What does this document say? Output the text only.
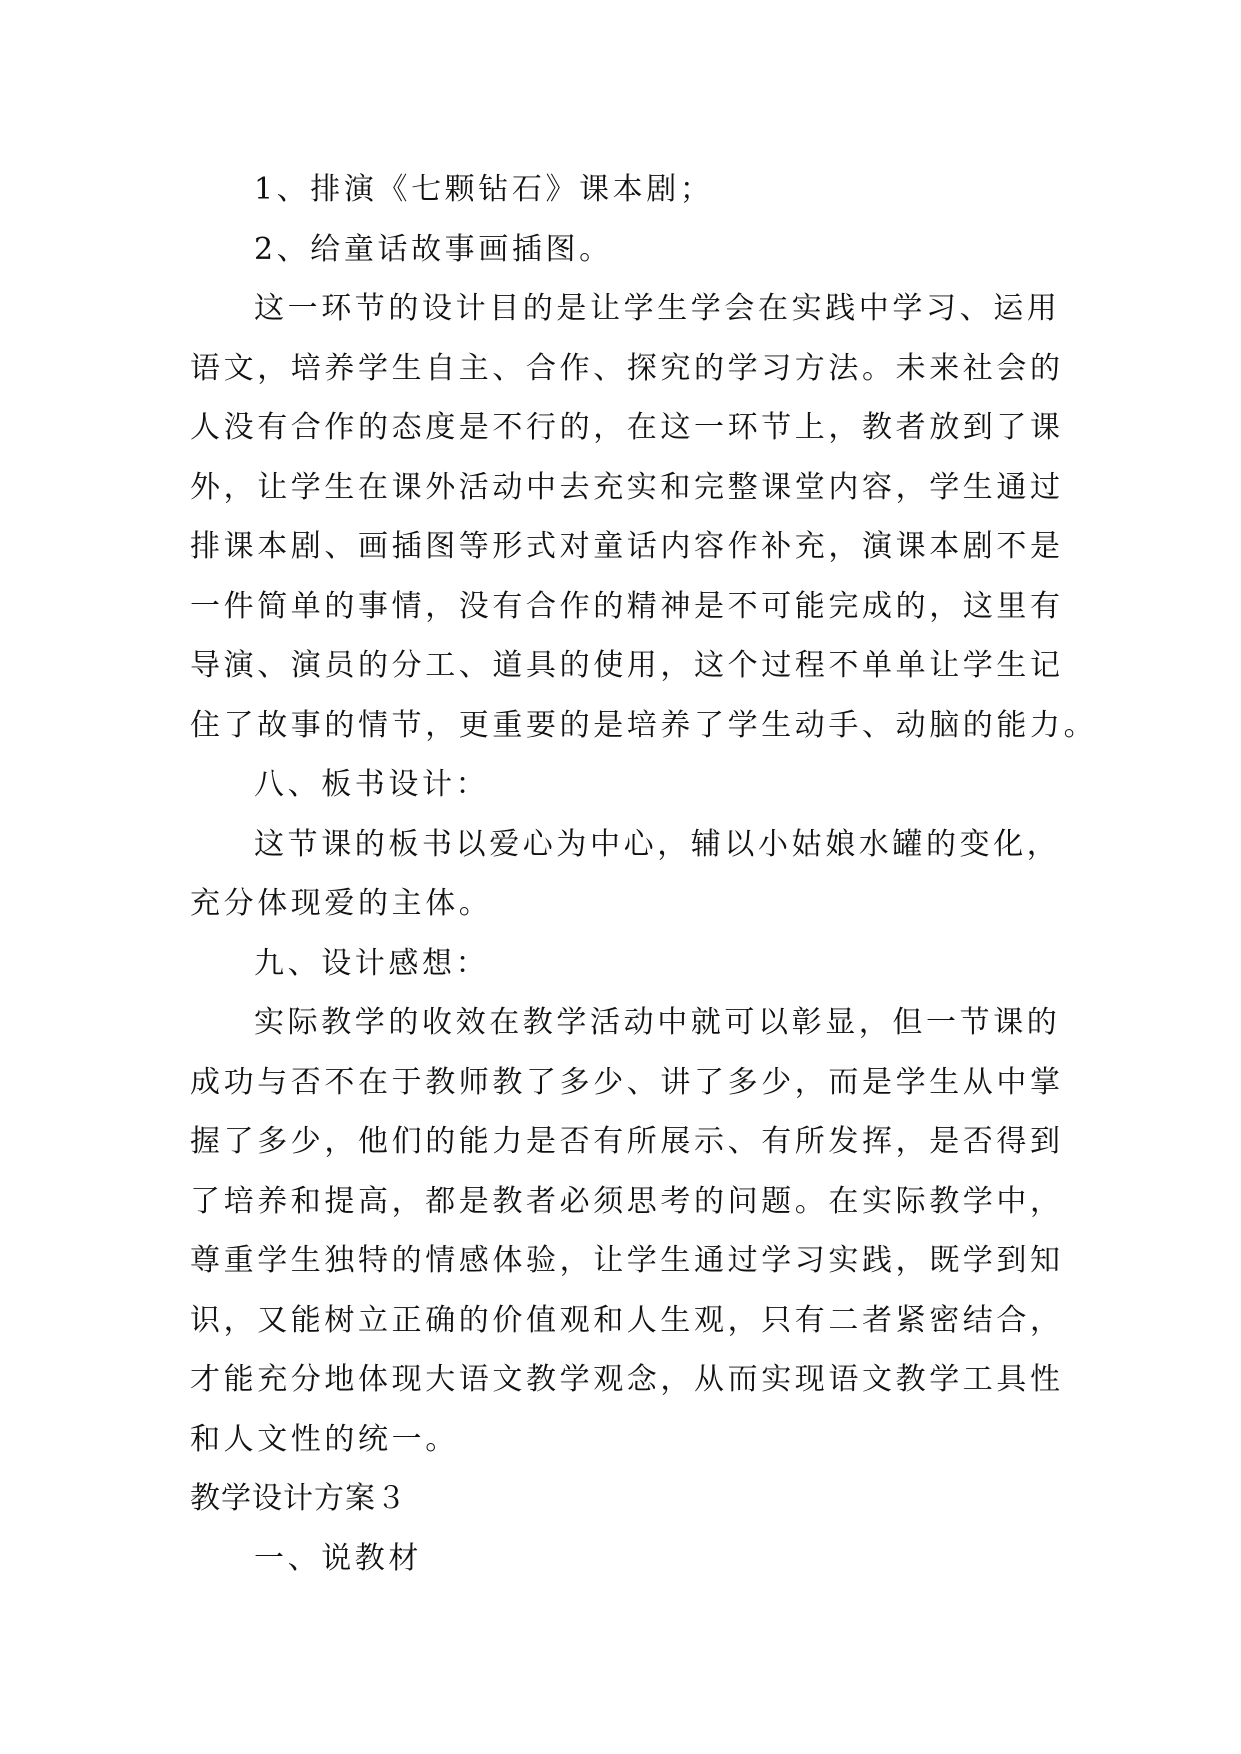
1、排演《七颗钻石》课本剧；
2、给童话故事画插图。
这一环节的设计目的是让学生学会在实践中学习、运用
语文，培养学生自主、合作、探究的学习方法。未来社会的
人没有合作的态度是不行的，在这一环节上，教者放到了课
外，让学生在课外活动中去充实和完整课堂内容，学生通过
排课本剧、画插图等形式对童话内容作补充，演课本剧不是
一件简单的事情，没有合作的精神是不可能完成的，这里有
导演、演员的分工、道具的使用，这个过程不单单让学生记
住了故事的情节，更重要的是培养了学生动手、动脑的能力。
八、板书设计：
这节课的板书以爱心为中心，辅以小姑娘水罐的变化，
充分体现爱的主体。
九、设计感想：
实际教学的收效在教学活动中就可以彰显，但一节课的
成功与否不在于教师教了多少、讲了多少，而是学生从中掌
握了多少，他们的能力是否有所展示、有所发挥，是否得到
了培养和提高，都是教者必须思考的问题。在实际教学中，
尊重学生独特的情感体验，让学生通过学习实践，既学到知
识，又能树立正确的价值观和人生观，只有二者紧密结合，
才能充分地体现大语文教学观念，从而实现语文教学工具性
和人文性的统一。
教学设计方案３
一、说教材
